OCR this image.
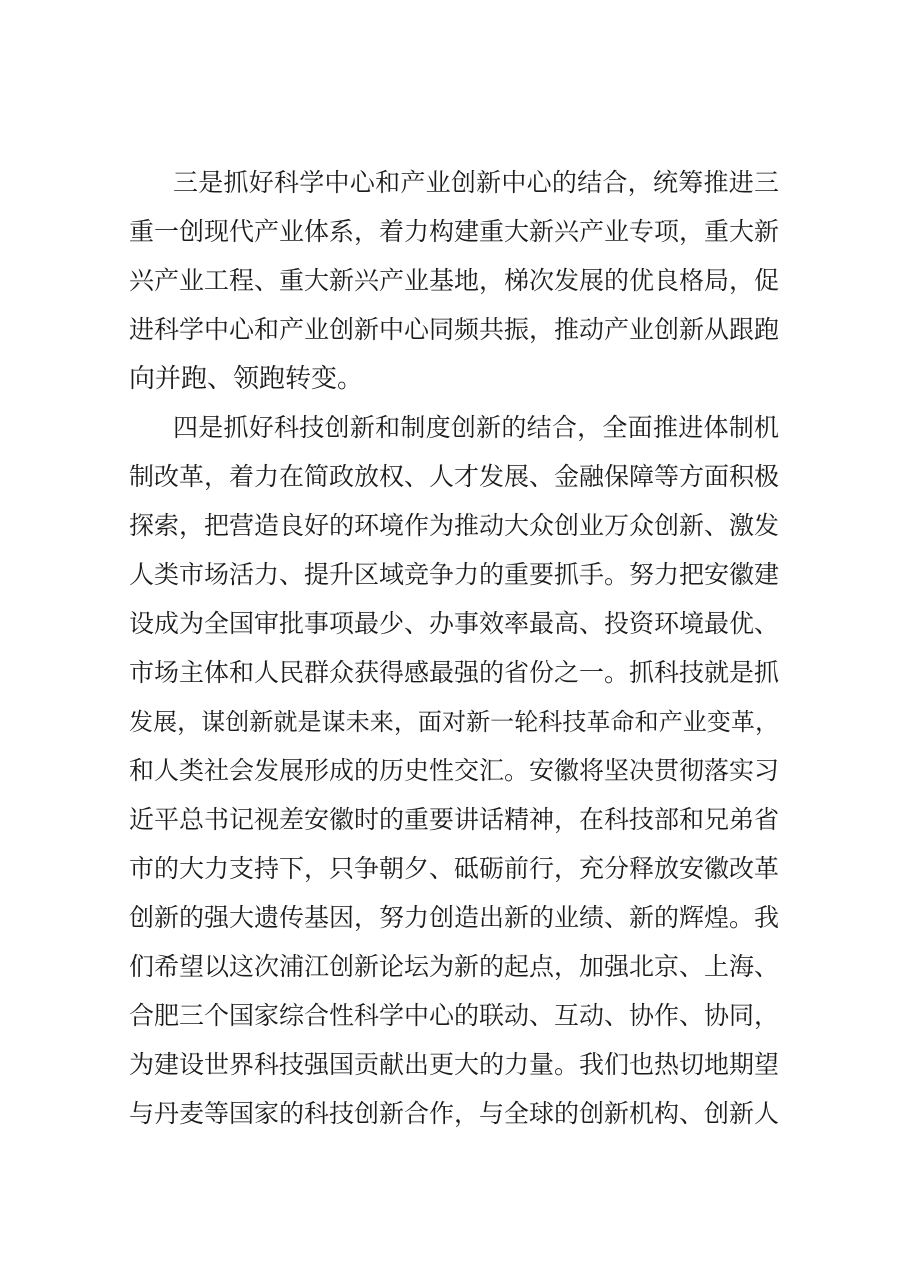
三是抓好科学中心和产业创新中心的结合，统筹推进三
重一创现代产业体系，着力构建重大新兴产业专项，重大新
兴产业工程、重大新兴产业基地，梯次发展的优良格局，促
进科学中心和产业创新中心同频共振，推动产业创新从跟跑
向并跑、领跑转变。
四是抓好科技创新和制度创新的结合，全面推进体制机
制改革，着力在简政放权、人才发展、金融保障等方面积极
探索，把营造良好的环境作为推动大众创业万众创新、激发
人类市场活力、提升区域竞争力的重要抓手。努力把安徽建
设成为全国审批事项最少、办事效率最高、投资环境最优、
市场主体和人民群众获得感最强的省份之一。抓科技就是抓
发展，谋创新就是谋未来，面对新一轮科技革命和产业变革，
和人类社会发展形成的历史性交汇。安徽将坚决贯彻落实习
近平总书记视差安徽时的重要讲话精神，在科技部和兄弟省
市的大力支持下，只争朝夕、砥砺前行，充分释放安徽改革
创新的强大遗传基因，努力创造出新的业绩、新的辉煌。我
们希望以这次浦江创新论坛为新的起点，加强北京、上海、
合肥三个国家综合性科学中心的联动、互动、协作、协同，
为建设世界科技强国贡献出更大的力量。我们也热切地期望
与丹麦等国家的科技创新合作，与全球的创新机构、创新人
